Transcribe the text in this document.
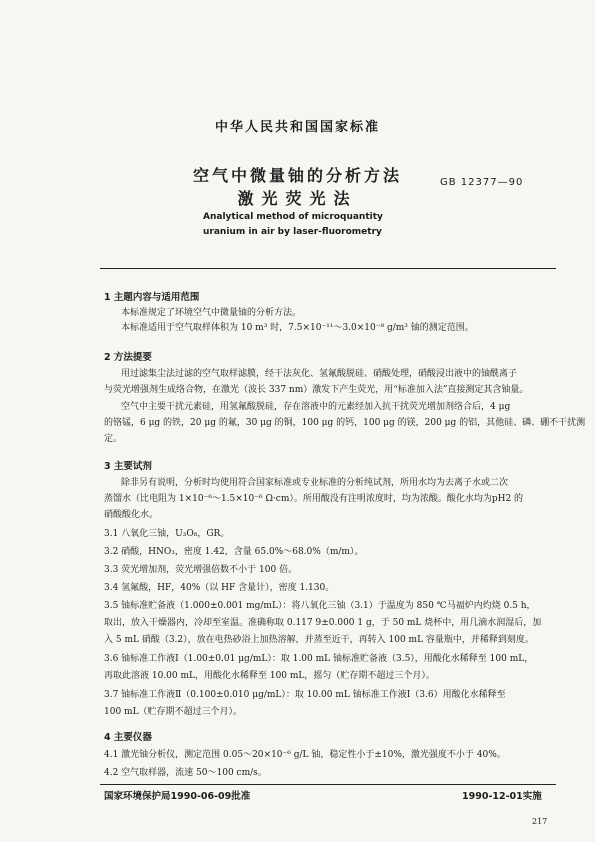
中华人民共和国国家标准
空气中微量铀的分析方法
激光荧光法
GB 12377—90
Analytical method of microquantity
uranium in air by laser-fluorometry
1 主题内容与适用范围
本标准规定了环境空气中微量铀的分析方法。
本标准适用于空气取样体积为 10 m³ 时，7.5×10⁻¹¹～3.0×10⁻⁸ g/m³ 铀的测定范围。
2 方法提要
用过滤集尘法过滤的空气取样滤膜，经干法灰化、氢氟酸脱硅、硝酸处理，硝酸浸出液中的铀酰离子
与荧光增强剂生成络合物，在激光（波长 337 nm）激发下产生荧光，用“标准加入法”直接测定其含铀量。
空气中主要干扰元素硅，用氢氟酸脱硅，存在溶液中的元素经加入抗干扰荧光增加剂络合后，4 μg
的铬锰，6 μg 的铁，20 μg 的氟，30 μg 的铜，100 μg 的钙，100 μg 的镁，200 μg 的铝，其他硅、磷、硼不干扰测
定。
3 主要试剂
除非另有说明，分析时均使用符合国家标准或专业标准的分析纯试剂，所用水均为去离子水或二次
蒸馏水（比电阻为 1×10⁻⁶～1.5×10⁻⁶ Ω·cm）。所用酸没有注明浓度时，均为浓酸。酸化水均为pH2 的
硝酸酸化水。
3.1 八氧化三铀，U₃O₈，GR。
3.2 硝酸，HNO₃，密度 1.42，含量 65.0%～68.0%（m/m）。
3.3 荧光增加剂，荧光增强倍数不小于 100 倍。
3.4 氢氟酸，HF，40%（以 HF 含量计），密度 1.130。
3.5 铀标准贮备液（1.000±0.001 mg/mL）：将八氧化三铀（3.1）于温度为 850 ℃马福炉内灼烧 0.5 h，
取出，放入干燥器内，冷却至室温。准确称取 0.117 9±0.000 1 g，于 50 mL 烧杯中，用几滴水润湿后，加
入 5 mL 硝酸（3.2），放在电热砂浴上加热溶解，并蒸至近干，再转入 100 mL 容量瓶中，并稀释到刻度。
3.6 铀标准工作液Ⅰ（1.00±0.01 μg/mL）：取 1.00 mL 铀标准贮备液（3.5），用酸化水稀释至 100 mL，
再取此溶液 10.00 mL，用酸化水稀释至 100 mL，摇匀（贮存期不超过三个月）。
3.7 铀标准工作液Ⅱ（0.100±0.010 μg/mL）：取 10.00 mL 铀标准工作液Ⅰ（3.6）用酸化水稀释至
100 mL（贮存期不超过三个月）。
4 主要仪器
4.1 激光铀分析仪，测定范围 0.05～20×10⁻⁶ g/L 铀，稳定性小于±10%，激光强度不小于 40%。
4.2 空气取样器，流速 50～100 cm/s。
国家环境保护局1990-06-09批准	1990-12-01实施
217
